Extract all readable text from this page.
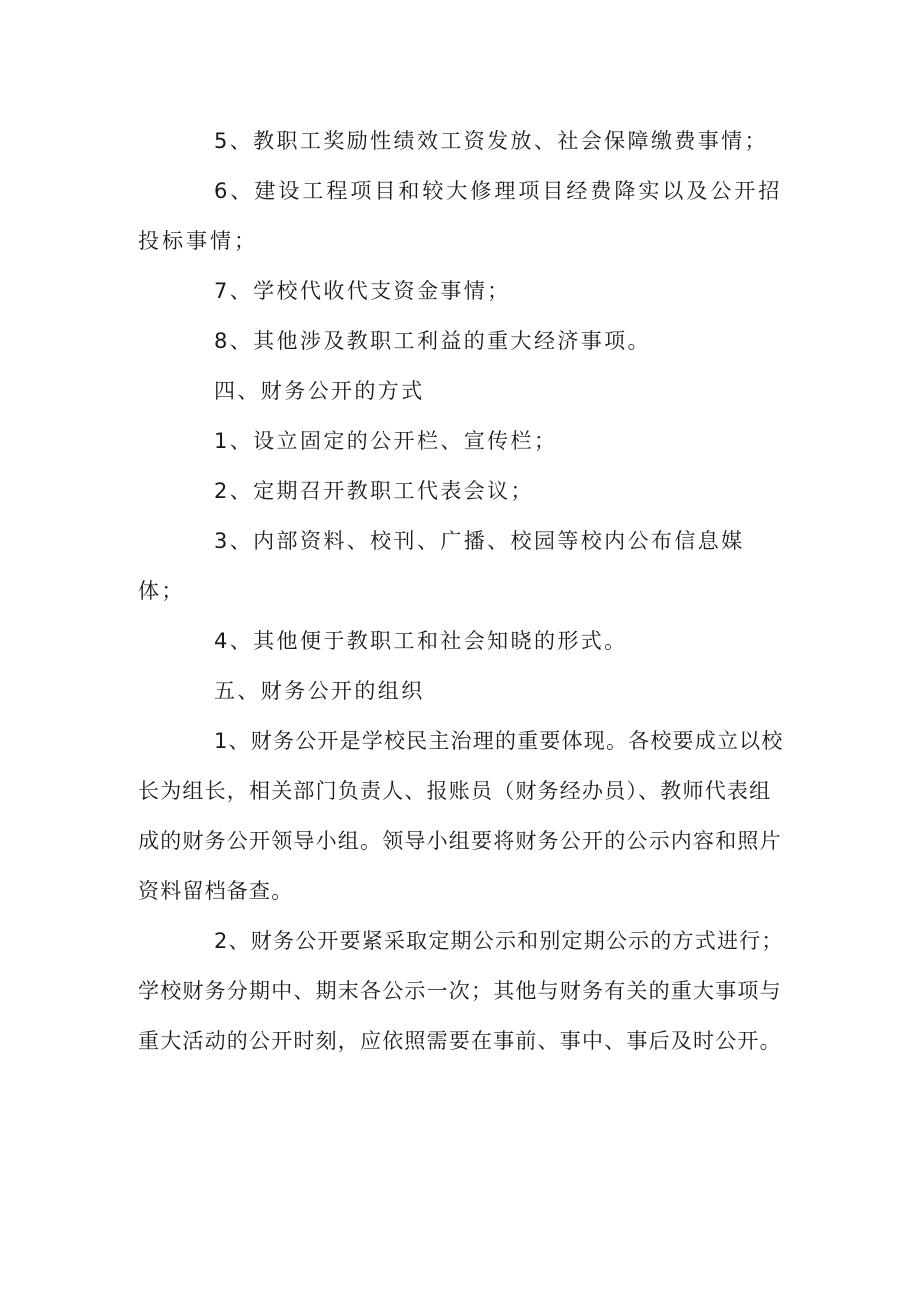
5、教职工奖励性绩效工资发放、社会保障缴费事情；

6、建设工程项目和较大修理项目经费降实以及公开招投标事情；

7、学校代收代支资金事情；

8、其他涉及教职工利益的重大经济事项。

四、财务公开的方式

1、设立固定的公开栏、宣传栏；

2、定期召开教职工代表会议；

3、内部资料、校刊、广播、校园等校内公布信息媒体；

4、其他便于教职工和社会知晓的形式。

五、财务公开的组织

1、财务公开是学校民主治理的重要体现。各校要成立以校长为组长，相关部门负责人、报账员（财务经办员）、教师代表组成的财务公开领导小组。领导小组要将财务公开的公示内容和照片资料留档备查。

2、财务公开要紧采取定期公示和别定期公示的方式进行；学校财务分期中、期末各公示一次；其他与财务有关的重大事项与重大活动的公开时刻，应依照需要在事前、事中、事后及时公开。
